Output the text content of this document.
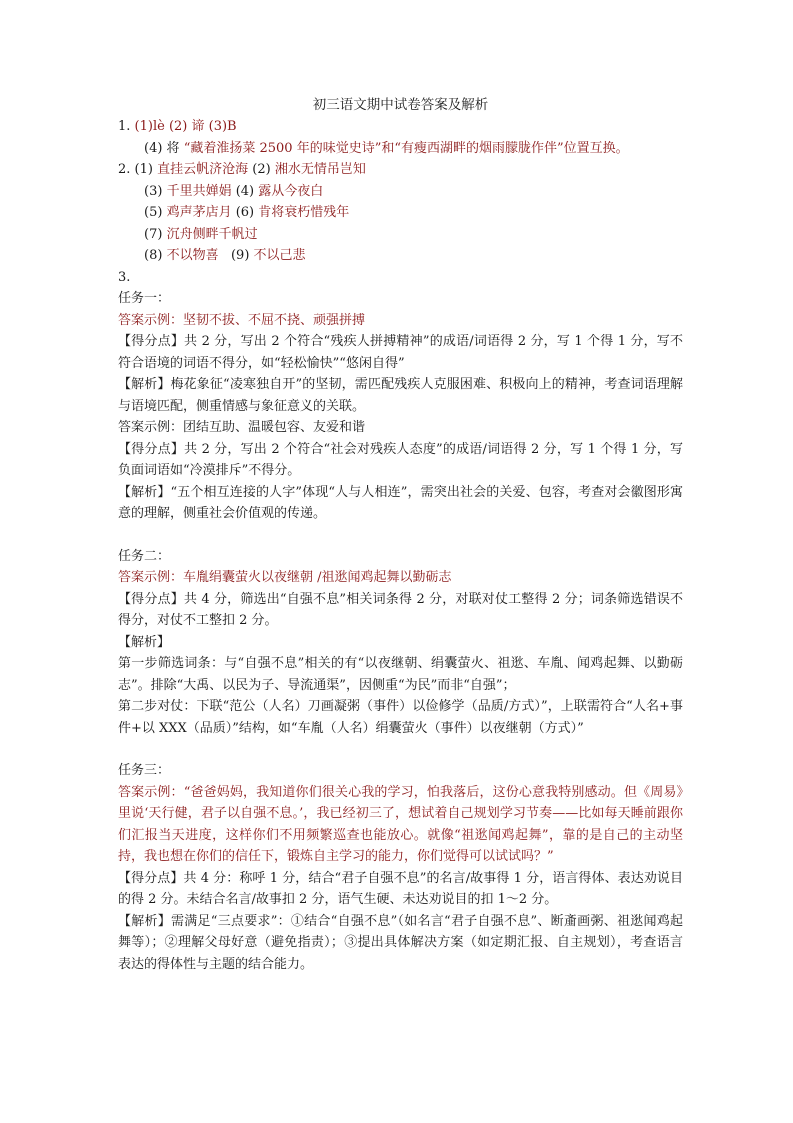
初三语文期中试卷答案及解析
1. (1)lè (2) 谛 (3)B
(4) 将 “藏着淮扬菜 2500 年的味觉史诗”和“有瘦西湖畔的烟雨朦胧作伴”位置互换。
2. (1) 直挂云帆济沧海 (2) 湘水无情吊岂知
(3) 千里共婵娟 (4) 露从今夜白
(5) 鸡声茅店月 (6) 肯将衰朽惜残年
(7) 沉舟侧畔千帆过
(8) 不以物喜 (9) 不以己悲
3.
任务一：
答案示例：坚韧不拔、不屈不挠、顽强拼搏
【得分点】共 2 分，写出 2 个符合“残疾人拼搏精神”的成语/词语得 2 分，写 1 个得 1 分，写不符合语境的词语不得分，如“轻松愉快”“悠闲自得”
【解析】梅花象征“凌寒独自开”的坚韧，需匹配残疾人克服困难、积极向上的精神，考查词语理解与语境匹配，侧重情感与象征意义的关联。
答案示例：团结互助、温暖包容、友爱和谐
【得分点】共 2 分，写出 2 个符合“社会对残疾人态度”的成语/词语得 2 分，写 1 个得 1 分，写负面词语如“冷漠排斥”不得分。
【解析】“五个相互连接的人字”体现“人与人相连”，需突出社会的关爱、包容，考查对会徽图形寓意的理解，侧重社会价值观的传递。
任务二：
答案示例：车胤绢囊萤火以夜继朝 /祖逖闻鸡起舞以勤砺志
【得分点】共 4 分，筛选出“自强不息”相关词条得 2 分，对联对仗工整得 2 分；词条筛选错误不得分，对仗不工整扣 2 分。
【解析】
第一步筛选词条：与“自强不息”相关的有“以夜继朝、绢囊萤火、祖逖、车胤、闻鸡起舞、以勤砺志”。排除“大禹、以民为子、导流通渠”，因侧重“为民”而非“自强”；
第二步对仗：下联“范公（人名）刀画凝粥（事件）以俭修学（品质/方式）”，上联需符合“人名+事件+以 XXX（品质）”结构，如“车胤（人名）绢囊萤火（事件）以夜继朝（方式）”
任务三：
答案示例：“爸爸妈妈，我知道你们很关心我的学习，怕我落后，这份心意我特别感动。但《周易》里说‘天行健，君子以自强不息。’，我已经初三了，想试着自己规划学习节奏——比如每天睡前跟你们汇报当天进度，这样你们不用频繁巡查也能放心。就像“祖逖闻鸡起舞”，靠的是自己的主动坚持，我也想在你们的信任下，锻炼自主学习的能力，你们觉得可以试试吗？”
【得分点】共 4 分：称呼 1 分，结合“君子自强不息”的名言/故事得 1 分，语言得体、表达劝说目的得 2 分。未结合名言/故事扣 2 分，语气生硬、未达劝说目的扣 1～2 分。
【解析】需满足“三点要求”：①结合“自强不息”（如名言“君子自强不息”、断齑画粥、祖逖闻鸡起舞等）；②理解父母好意（避免指责）；③提出具体解决方案（如定期汇报、自主规划），考查语言表达的得体性与主题的结合能力。
